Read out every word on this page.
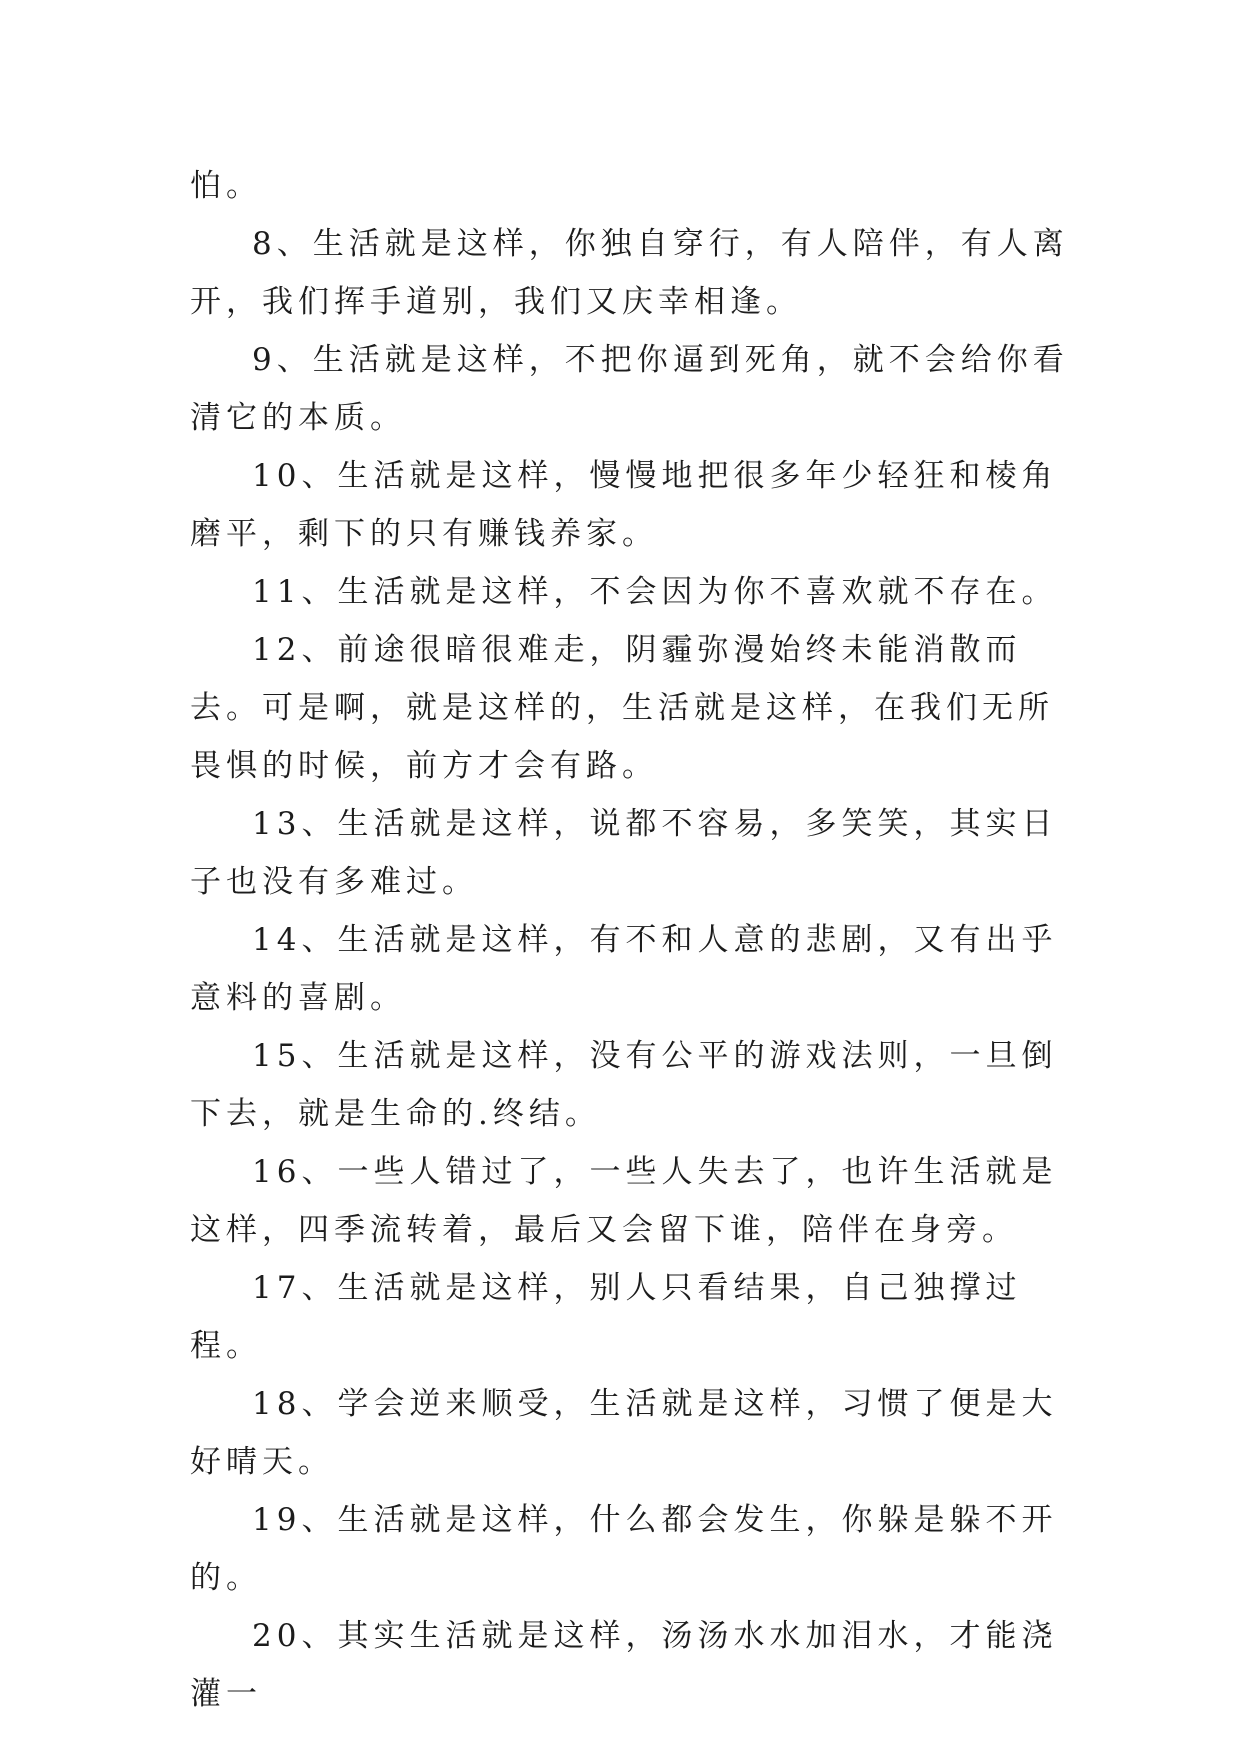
怕。

8、生活就是这样，你独自穿行，有人陪伴，有人离开，我们挥手道别，我们又庆幸相逢。

9、生活就是这样，不把你逼到死角，就不会给你看清它的本质。

10、生活就是这样，慢慢地把很多年少轻狂和棱角磨平，剩下的只有赚钱养家。

11、生活就是这样，不会因为你不喜欢就不存在。

12、前途很暗很难走，阴霾弥漫始终未能消散而去。可是啊，就是这样的，生活就是这样，在我们无所畏惧的时候，前方才会有路。

13、生活就是这样，说都不容易，多笑笑，其实日子也没有多难过。

14、生活就是这样，有不和人意的悲剧，又有出乎意料的喜剧。

15、生活就是这样，没有公平的游戏法则，一旦倒下去，就是生命的.终结。

16、一些人错过了，一些人失去了，也许生活就是这样，四季流转着，最后又会留下谁，陪伴在身旁。

17、生活就是这样，别人只看结果，自己独撑过程。

18、学会逆来顺受，生活就是这样，习惯了便是大好晴天。

19、生活就是这样，什么都会发生，你躲是躲不开的。

20、其实生活就是这样，汤汤水水加泪水，才能浇灌一
